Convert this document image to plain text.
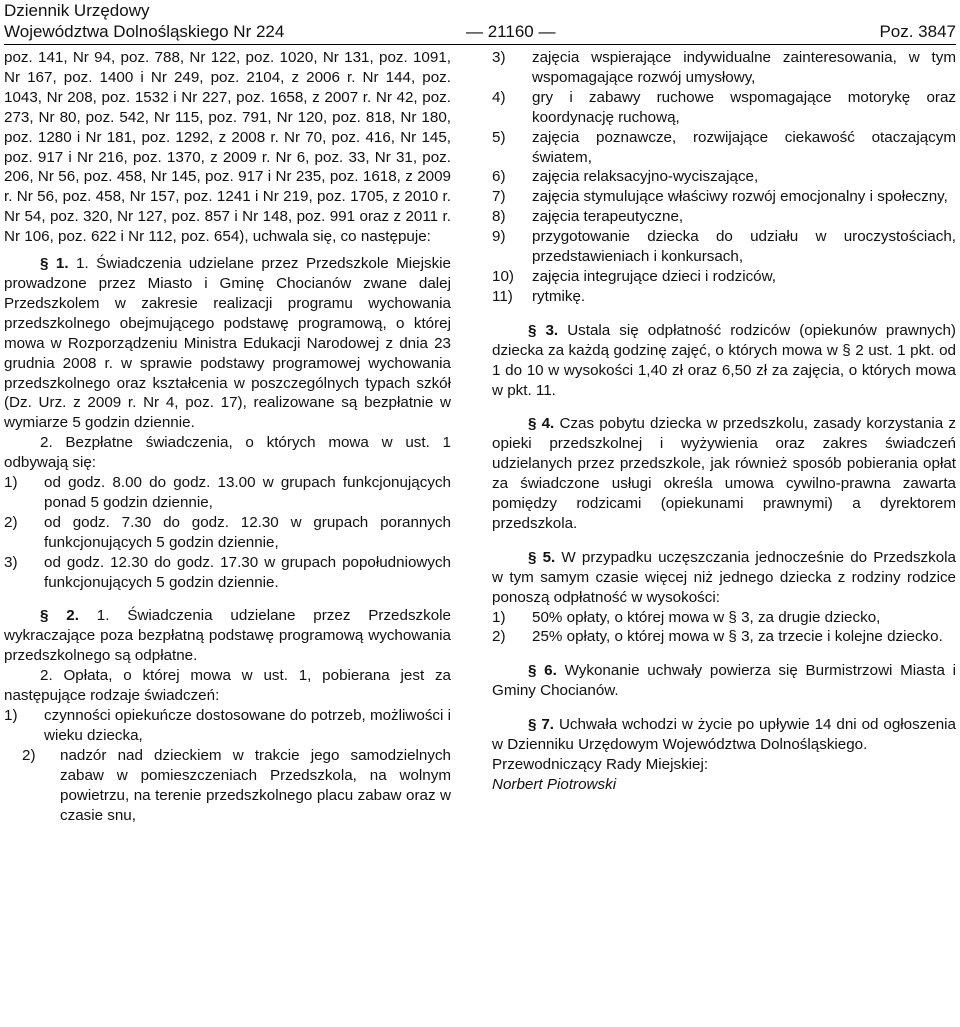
Dziennik Urzędowy
Województwa Dolnośląskiego Nr 224	— 21160 —	Poz. 3847

poz. 141, Nr 94, poz. 788, Nr 122, poz. 1020, Nr 131, poz. 1091, Nr 167, poz. 1400 i Nr 249, poz. 2104, z 2006 r. Nr 144, poz. 1043, Nr 208, poz. 1532 i Nr 227, poz. 1658, z 2007 r. Nr 42, poz. 273, Nr 80, poz. 542, Nr 115, poz. 791, Nr 120, poz. 818, Nr 180, poz. 1280 i Nr 181, poz. 1292, z 2008 r. Nr 70, poz. 416, Nr 145, poz. 917 i Nr 216, poz. 1370, z 2009 r. Nr 6, poz. 33, Nr 31, poz. 206, Nr 56, poz. 458, Nr 145, poz. 917 i Nr 235, poz. 1618, z 2009 r. Nr 56, poz. 458, Nr 157, poz. 1241 i Nr 219, poz. 1705, z 2010 r. Nr 54, poz. 320, Nr 127, poz. 857 i Nr 148, poz. 991 oraz z 2011 r. Nr 106, poz. 622 i Nr 112, poz. 654), uchwala się, co następuje:

§ 1. 1. Świadczenia udzielane przez Przedszkole Miejskie prowadzone przez Miasto i Gminę Chocianów zwane dalej Przedszkolem w zakresie realizacji programu wychowania przedszkolnego obejmującego podstawę programową, o której mowa w Rozporządzeniu Ministra Edukacji Narodowej z dnia 23 grudnia 2008 r. w sprawie podstawy programowej wychowania przedszkolnego oraz kształcenia w poszczególnych typach szkół (Dz. Urz. z 2009 r. Nr 4, poz. 17), realizowane są bezpłatnie w wymiarze 5 godzin dziennie.

2. Bezpłatne świadczenia, o których mowa w ust. 1 odbywają się:

1)	od godz. 8.00 do godz. 13.00 w grupach funkcjonujących ponad 5 godzin dziennie,
2)	od godz. 7.30 do godz. 12.30 w grupach porannych funkcjonujących 5 godzin dziennie,
3)	od godz. 12.30 do godz. 17.30 w grupach popołudniowych funkcjonujących 5 godzin dziennie.

§ 2. 1. Świadczenia udzielane przez Przedszkole wykraczające poza bezpłatną podstawę programową wychowania przedszkolnego są odpłatne.

2. Opłata, o której mowa w ust. 1, pobierana jest za następujące rodzaje świadczeń:

1)	czynności opiekuńcze dostosowane do potrzeb, możliwości i wieku dziecka,
2)	nadzór nad dzieckiem w trakcie jego samodzielnych zabaw w pomieszczeniach Przedszkola, na wolnym powietrzu, na terenie przedszkolnego placu zabaw oraz w czasie snu,
3)	zajęcia wspierające indywidualne zainteresowania, w tym wspomagające rozwój umysłowy,
4)	gry i zabawy ruchowe wspomagające motorykę oraz koordynację ruchową,
5)	zajęcia poznawcze, rozwijające ciekawość otaczającym światem,
6)	zajęcia relaksacyjno-wyciszające,
7)	zajęcia stymulujące właściwy rozwój emocjonalny i społeczny,
8)	zajęcia terapeutyczne,
9)	przygotowanie dziecka do udziału w uroczystościach, przedstawieniach i konkursach,
10)	zajęcia integrujące dzieci i rodziców,
11)	rytmikę.

§ 3. Ustala się odpłatność rodziców (opiekunów prawnych) dziecka za każdą godzinę zajęć, o których mowa w § 2 ust. 1 pkt. od 1 do 10 w wysokości 1,40 zł oraz 6,50 zł za zajęcia, o których mowa w pkt. 11.

§ 4. Czas pobytu dziecka w przedszkolu, zasady korzystania z opieki przedszkolnej i wyżywienia oraz zakres świadczeń udzielanych przez przedszkole, jak również sposób pobierania opłat za świadczone usługi określa umowa cywilno-prawna zawarta pomiędzy rodzicami (opiekunami prawnymi) a dyrektorem przedszkola.

§ 5. W przypadku uczęszczania jednocześnie do Przedszkola w tym samym czasie więcej niż jednego dziecka z rodziny rodzice ponoszą odpłatność w wysokości:

1)	50% opłaty, o której mowa w § 3, za drugie dziecko,
2)	25% opłaty, o której mowa w § 3, za trzecie i kolejne dziecko.

§ 6. Wykonanie uchwały powierza się Burmistrzowi Miasta i Gminy Chocianów.

§ 7. Uchwała wchodzi w życie po upływie 14 dni od ogłoszenia w Dzienniku Urzędowym Województwa Dolnośląskiego.

Przewodniczący Rady Miejskiej:

Norbert Piotrowski
